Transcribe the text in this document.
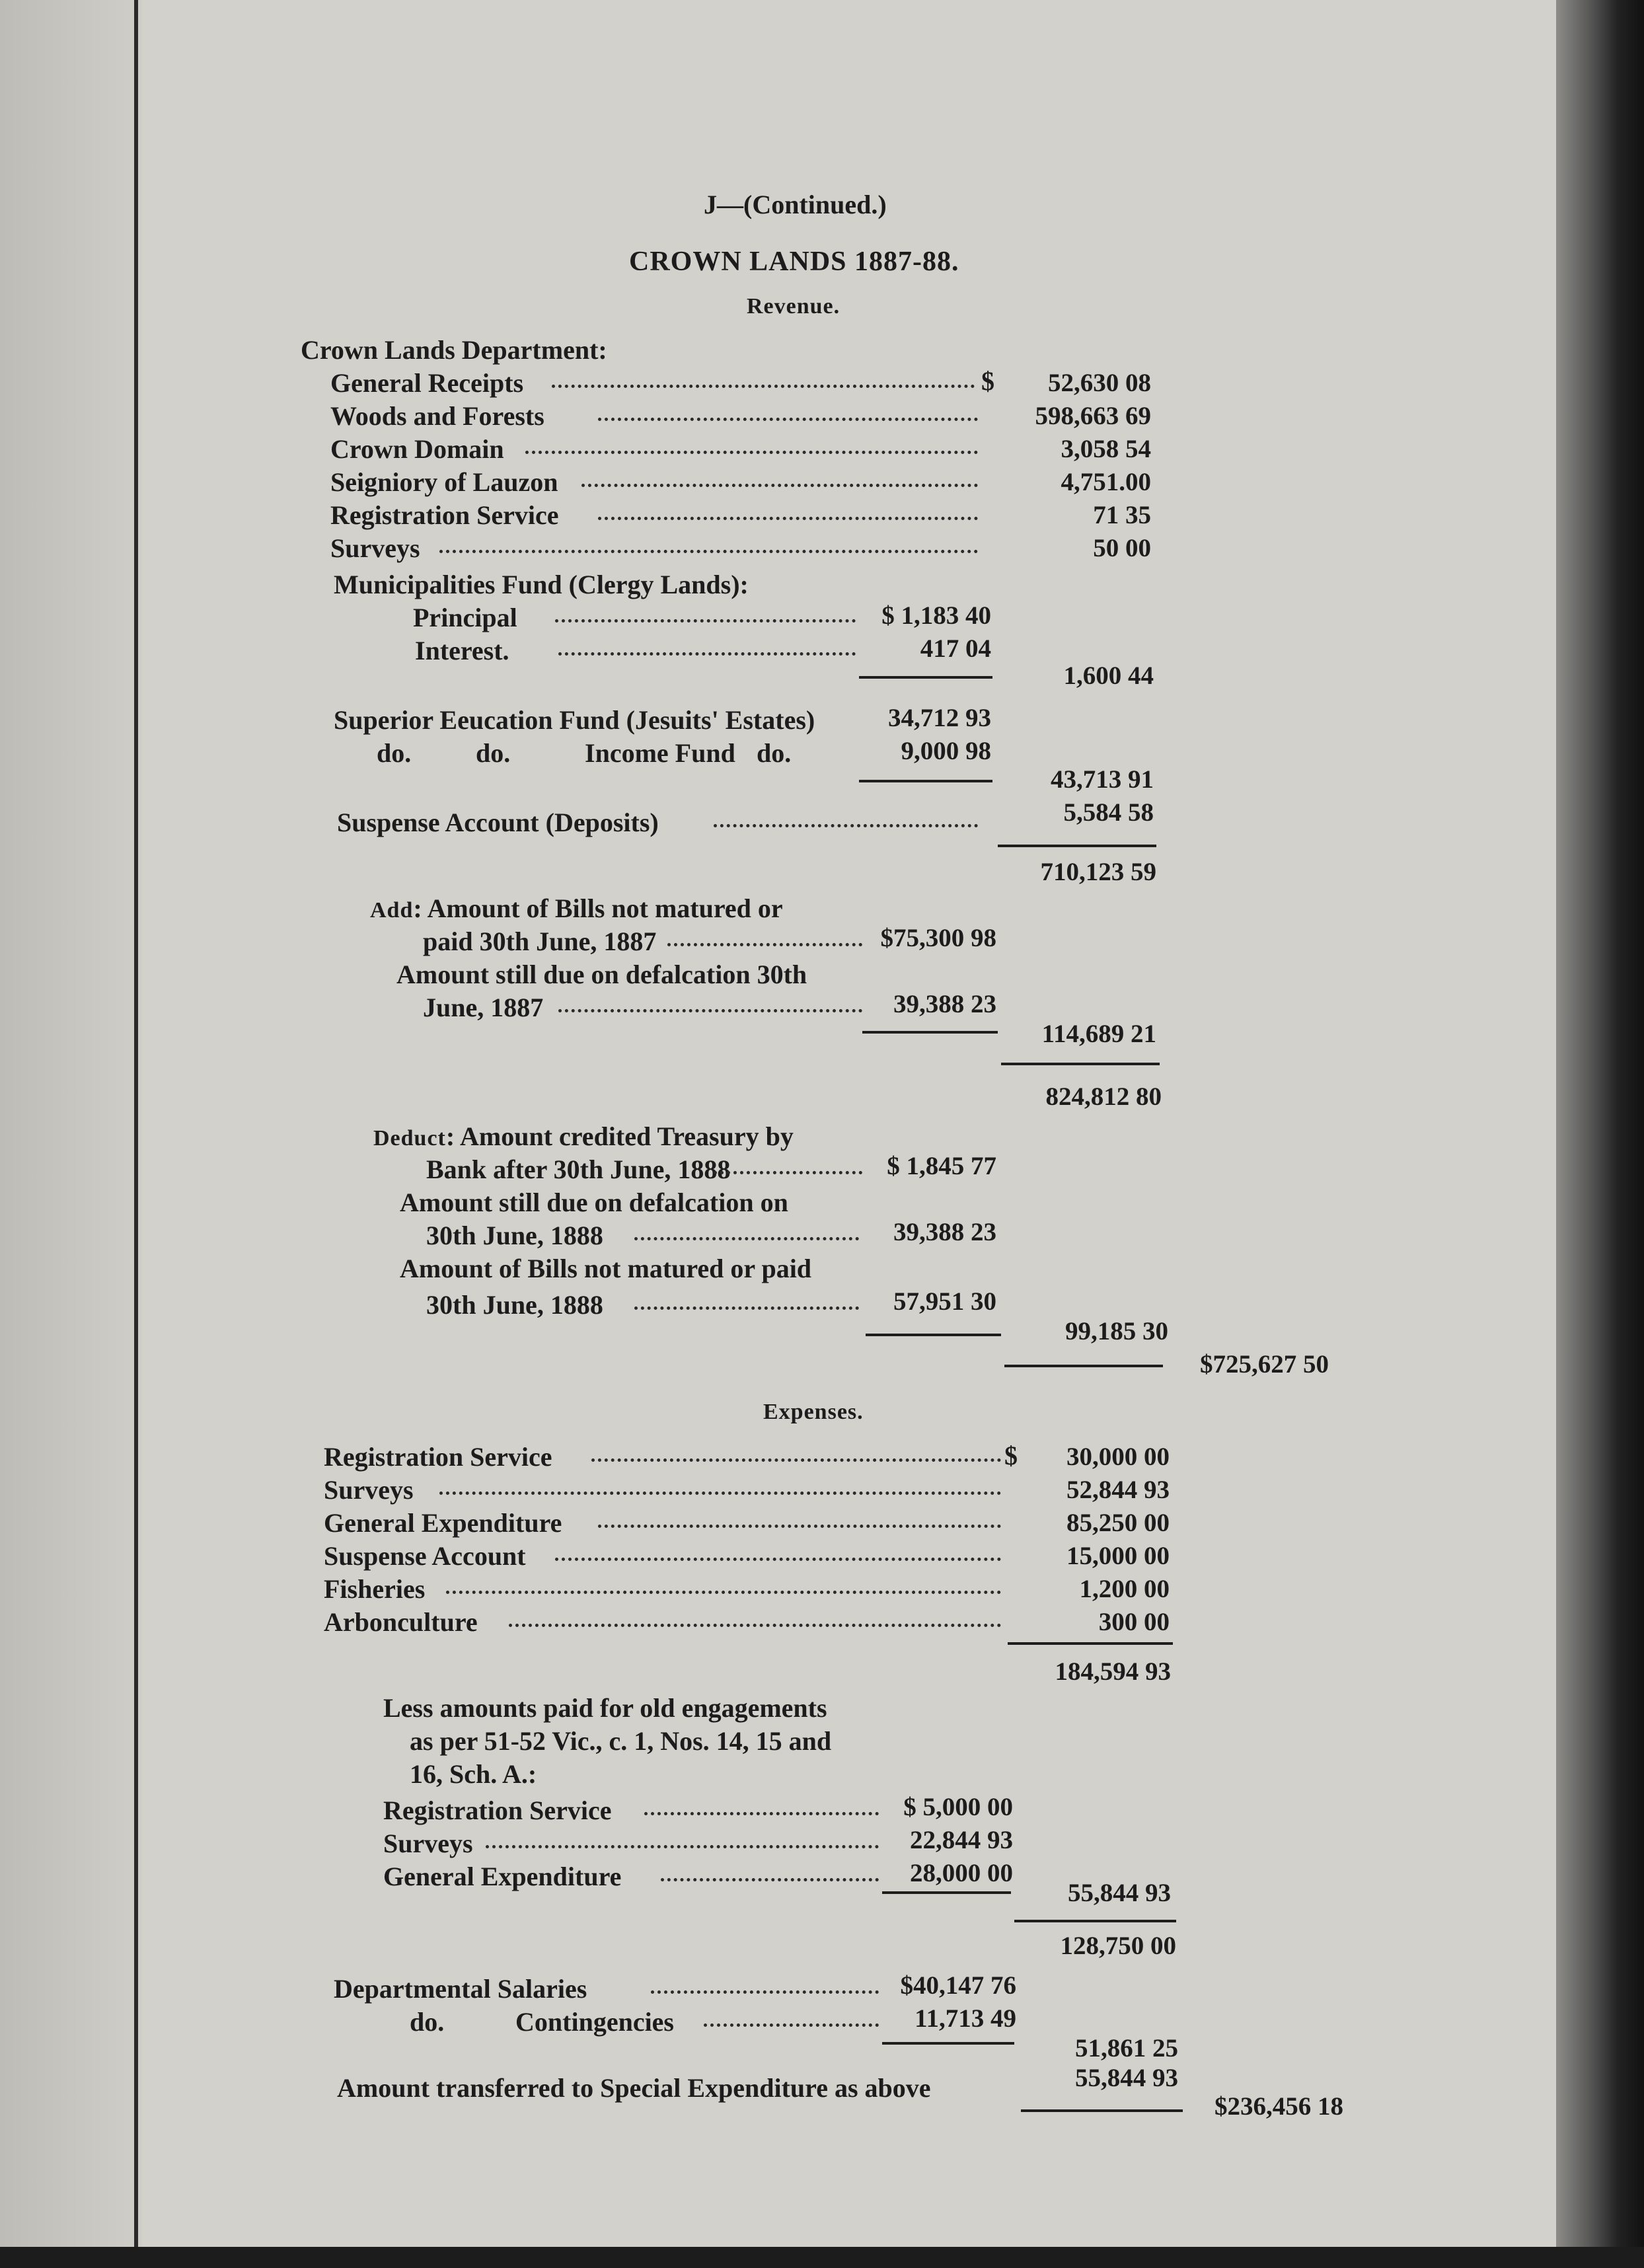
J—(Continued.)
CROWN LANDS 1887-88.
Revenue.
Crown Lands Department:
General Receipts	$ 52,630 08
Woods and Forests	598,663 69
Crown Domain	3,058 54
Seigniory of Lauzon	4,751.00
Registration Service	71 35
Surveys	50 00
Municipalities Fund (Clergy Lands):
Principal	$ 1,183 40
Interest.	417 04
1,600 44
Superior Eeucation Fund (Jesuits' Estates)	34,712 93
do. do.	Income Fund do.	9,000 98
43,713 91
Suspense Account (Deposits)	5,584 58
710,123 59
Add: Amount of Bills not matured or
paid 30th June, 1887	$75,300 98
Amount still due on defalcation 30th
June, 1887	39,388 23
114,689 21
824,812 80
Deduct: Amount credited Treasury by
Bank after 30th June, 1888	$ 1,845 77
Amount still due on defalcation on
30th June, 1888	39,388 23
Amount of Bills not matured or paid
30th June, 1888	57,951 30
99,185 30
$725,627 50
Expenses.
Registration Service	$ 30,000 00
Surveys	52,844 93
General Expenditure	85,250 00
Suspense Account	15,000 00
Fisheries	1,200 00
Arbonculture	300 00
184,594 93
Less amounts paid for old engagements
as per 51-52 Vic., c. 1, Nos. 14, 15 and
16, Sch. A.:
Registration Service	$ 5,000 00
Surveys	22,844 93
General Expenditure	28,000 00
55,844 93
128,750 00
Departmental Salaries	$40,147 76
do.	Contingencies	11,713 49
51,861 25
Amount transferred to Special Expenditure as above	55,844 93
$236,456 18
